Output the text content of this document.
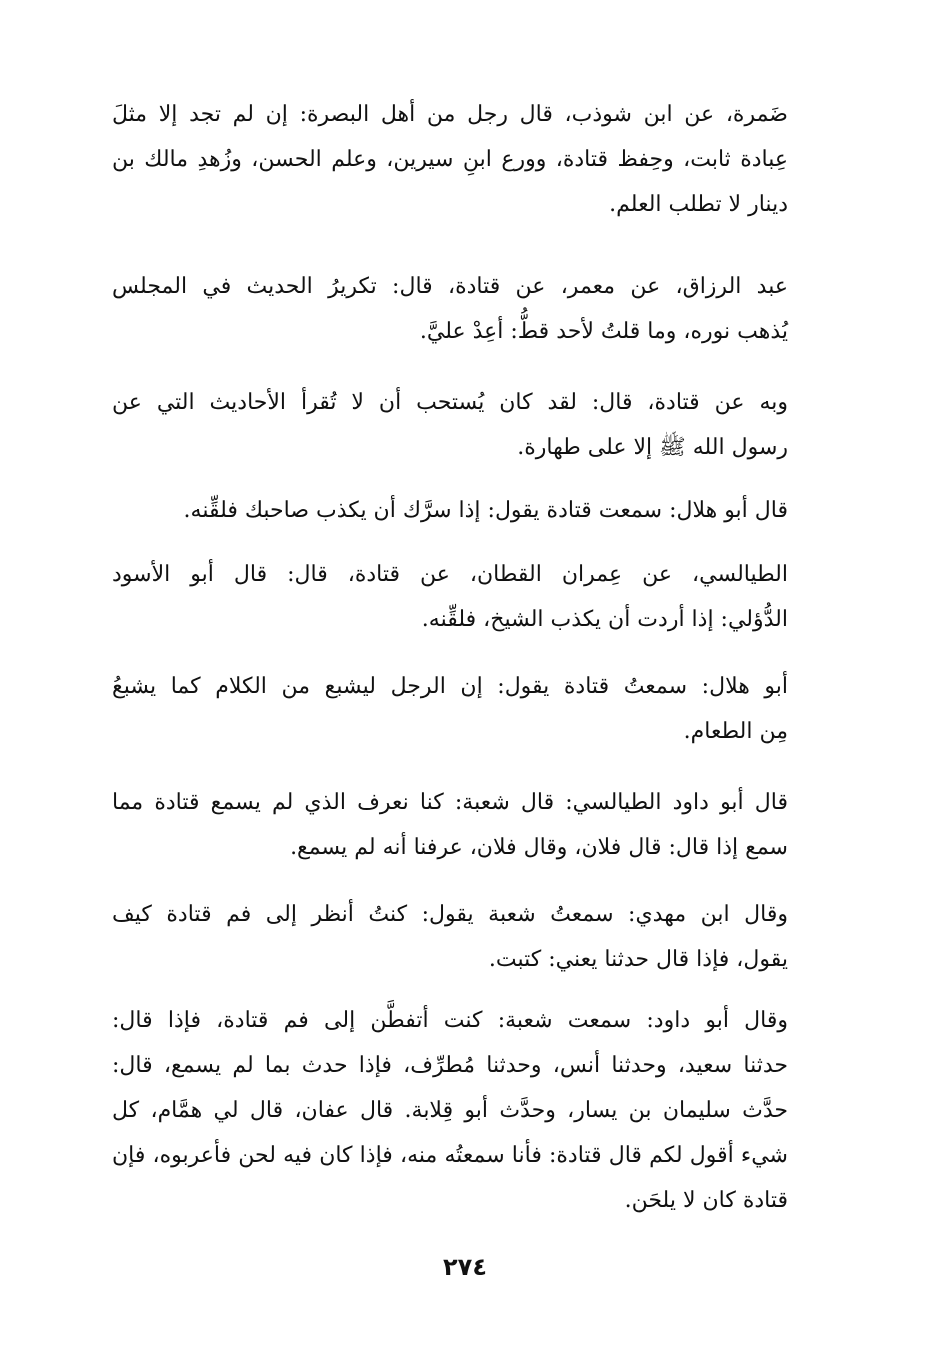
ضَمرة، عن ابن شوذب، قال رجل من أهل البصرة: إن لم تجد إلا مثلَ
عِبادة ثابت، وحِفظ قتادة، وورع ابنِ سيرين، وعلم الحسن، وزُهدِ مالك بن
دينار لا تطلب العلم.
عبد الرزاق، عن معمر، عن قتادة، قال: تكريرُ الحديث في المجلس
يُذهب نوره، وما قلتُ لأحد قطُّ: أعِدْ عليَّ.
وبه عن قتادة، قال: لقد كان يُستحب أن لا تُقرأ الأحاديث التي عن
رسول الله ﷺ إلا على طهارة.
قال أبو هلال: سمعت قتادة يقول: إذا سرَّك أن يكذب صاحبك فلقِّنه.
الطيالسي، عن عِمران القطان، عن قتادة، قال: قال أبو الأسود
الدُّؤلي: إذا أردت أن يكذب الشيخ، فلقِّنه.
أبو هلال: سمعتُ قتادة يقول: إن الرجل ليشبع من الكلام كما يشبعُ
مِن الطعام.
قال أبو داود الطيالسي: قال شعبة: كنا نعرف الذي لم يسمع قتادة مما
سمع إذا قال: قال فلان، وقال فلان، عرفنا أنه لم يسمع.
وقال ابن مهدي: سمعتُ شعبة يقول: كنتُ أنظر إلى فم قتادة كيف
يقول، فإذا قال حدثنا يعني: كتبت.
وقال أبو داود: سمعت شعبة: كنت أتفطَّن إلى فم قتادة، فإذا قال:
حدثنا سعيد، وحدثنا أنس، وحدثنا مُطرِّف، فإذا حدث بما لم يسمع، قال:
حدَّث سليمان بن يسار، وحدَّث أبو قِلابة. قال عفان، قال لي همَّام، كل
شيء أقول لكم قال قتادة: فأنا سمعتُه منه، فإذا كان فيه لحن فأعربوه، فإن
قتادة كان لا يلحَن.
٢٧٤
